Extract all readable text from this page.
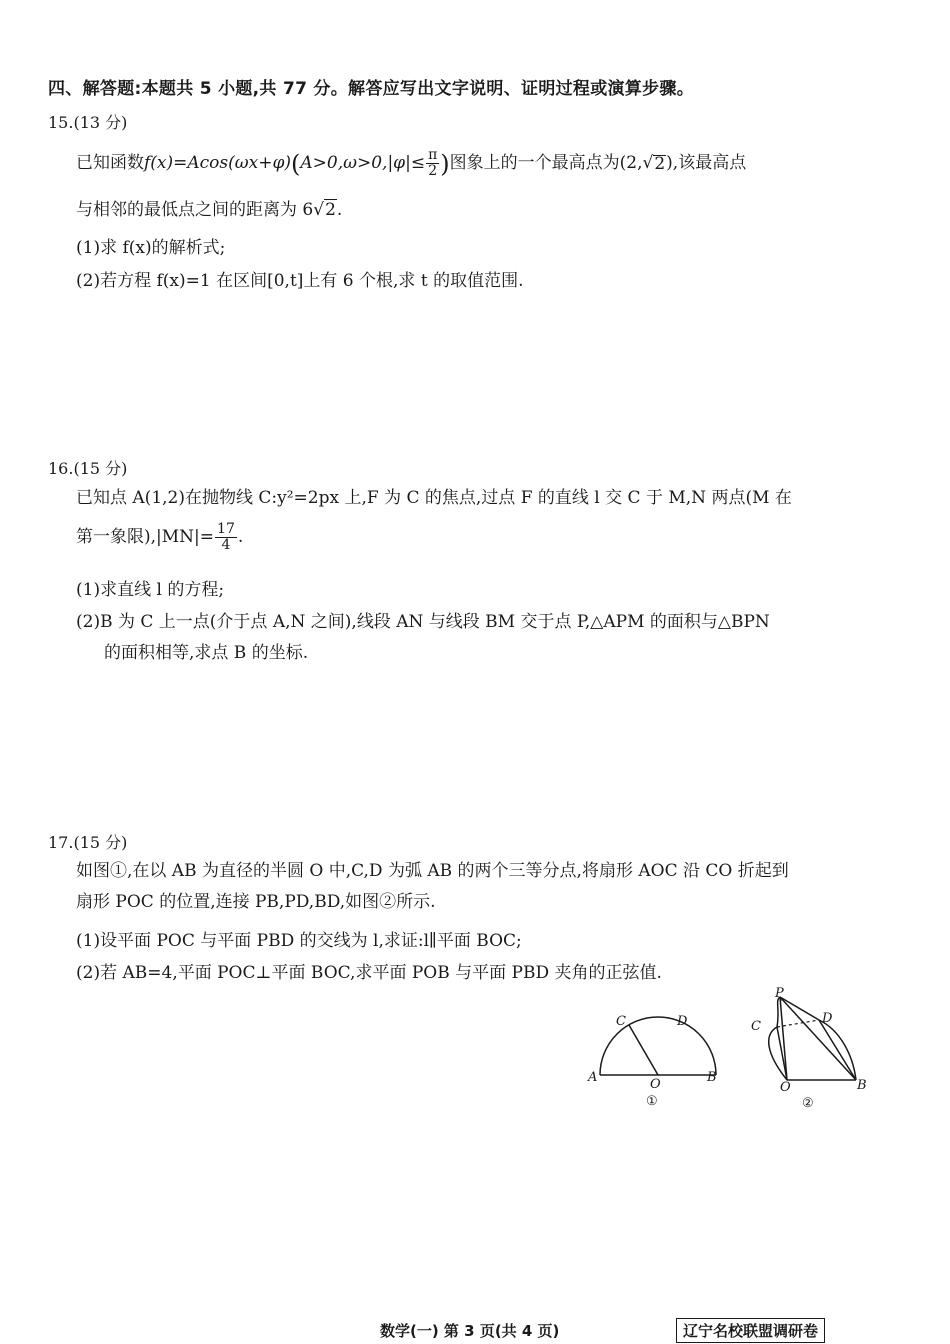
四、解答题:本题共 5 小题,共 77 分。解答应写出文字说明、证明过程或演算步骤。
15.(13 分)
已知函数 f(x)=Acos(ωx+φ) ( $A>0,\omega>0,|\varphi|\le \frac{\pi}{2}$ ) 图象上的一个最高点为(2, √ 2 ),该最高点
与相邻的最低点之间的距离为 6√2.
(1)求 f(x)的解析式;
(2)若方程 f(x)=1 在区间[0,t]上有 6 个根,求 t 的取值范围.
16.(15 分)
已知点 A(1,2)在抛物线 C:y²=2px 上,F 为 C 的焦点,过点 F 的直线 l 交 C 于 M,N 两点(M 在
第一象限)$,|MN|= \frac{17}{4}$ .
(1)求直线 l 的方程;
(2)B 为 C 上一点(介于点 A,N 之间),线段 AN 与线段 BM 交于点 P,△APM 的面积与△BPN
的面积相等,求点 B 的坐标.
17.(15 分)
如图①,在以 AB 为直径的半圆 O 中,C,D 为弧 AB 的两个三等分点,将扇形 AOC 沿 CO 折起到
扇形 POC 的位置,连接 PB,PD,BD,如图②所示.
(1)设平面 POC 与平面 PBD 的交线为 l,求证:l∥平面 BOC;
(2)若 AB=4,平面 POC⊥平面 BOC,求平面 POB 与平面 PBD 夹角的正弦值.
C	D
A	O	B
①
P
C
D
O	B
②
数学(一) 第 3 页(共 4 页)	辽宁名校联盟调研卷
